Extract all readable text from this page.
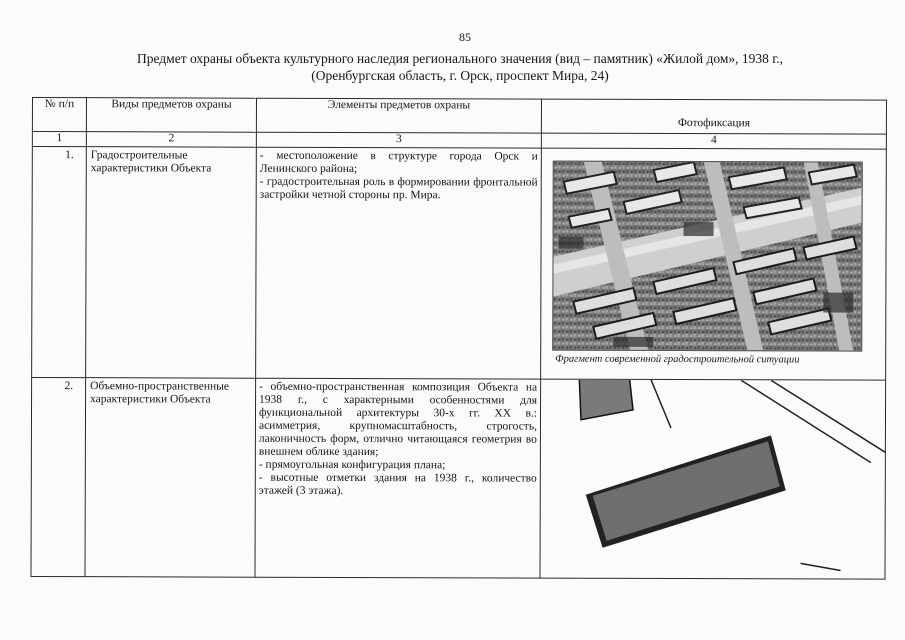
85
Предмет охраны объекта культурного наследия регионального значения (вид – памятник) «Жилой дом», 1938 г.,
(Оренбургская область, г. Орск, проспект Мира, 24)
№ п/п	Виды предметов охраны	Элементы предметов охраны	Фотофиксация
1	2	3	4
1.	Градостроительные характеристики Объекта	- местоположение в структуре города Орск и Ленинского района;
- градостроительная роль в формировании фронтальной застройки четной стороны пр. Мира.	Фрагмент современной градостроительной ситуации

2.	Объемно-пространственные характеристики Объекта	- объемно-пространственная композиция Объекта на 1938 г., с характерными особенностями для функциональной архитектуры 30-х гг. XX в.: асимметрия, крупномасштабность, строгость, лаконичность форм, отлично читающаяся геометрия во внешнем облике здания;
- прямоугольная конфигурация плана;
- высотные отметки здания на 1938 г., количество этажей (3 этажа).
